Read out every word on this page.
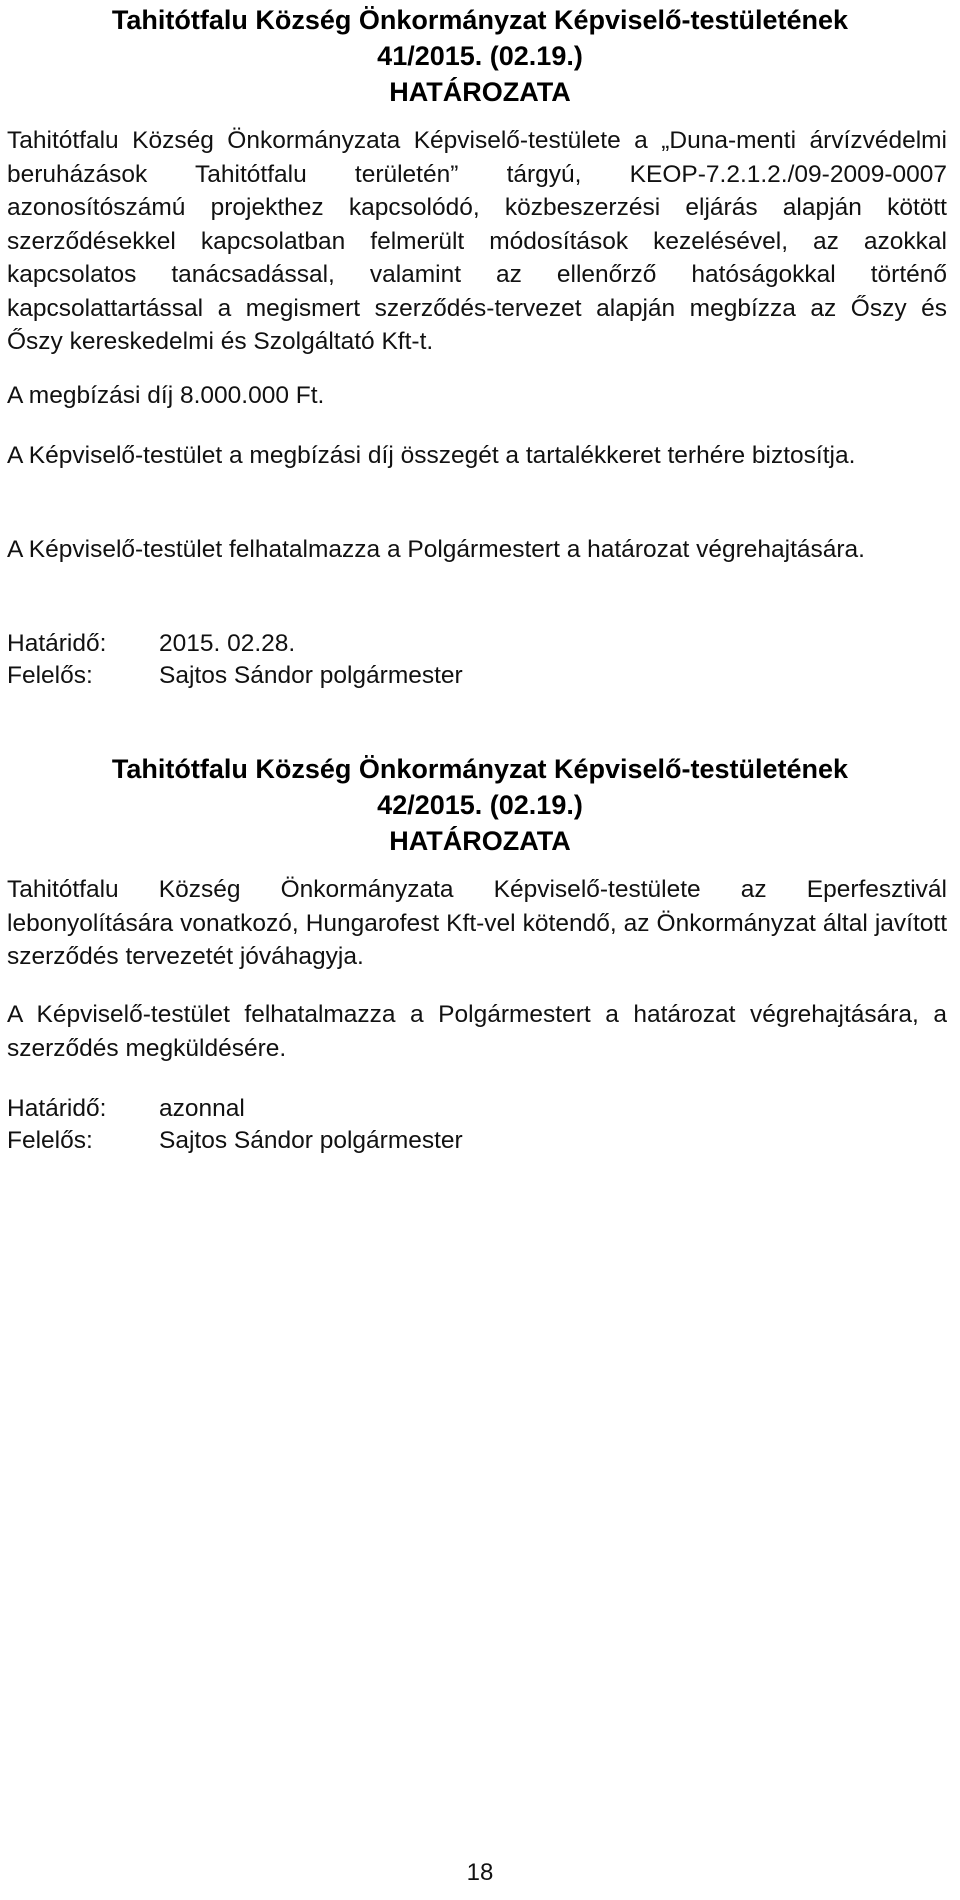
Tahitótfalu Község Önkormányzat Képviselő-testületének
41/2015. (02.19.)
HATÁROZATA

Tahitótfalu Község Önkormányzata Képviselő-testülete a „Duna-menti árvízvédelmi beruházások Tahitótfalu területén” tárgyú, KEOP-7.2.1.2./09-2009-0007 azonosítószámú projekthez kapcsolódó, közbeszerzési eljárás alapján kötött szerződésekkel kapcsolatban felmerült módosítások kezelésével, az azokkal kapcsolatos tanácsadással, valamint az ellenőrző hatóságokkal történő kapcsolattartással a megismert szerződés-tervezet alapján megbízza az Őszy és Őszy kereskedelmi és Szolgáltató Kft-t.

A megbízási díj 8.000.000 Ft.

A Képviselő-testület a megbízási díj összegét a tartalékkeret terhére biztosítja.

A Képviselő-testület felhatalmazza a Polgármestert a határozat végrehajtására.

Határidő: 2015. 02.28.
Felelős:	Sajtos Sándor polgármester
Tahitótfalu Község Önkormányzat Képviselő-testületének
42/2015. (02.19.)
HATÁROZATA

Tahitótfalu Község Önkormányzata Képviselő-testülete az Eperfesztivál lebonyolítására vonatkozó, Hungarofest Kft-vel kötendő, az Önkormányzat által javított szerződés tervezetét jóváhagyja.

A Képviselő-testület felhatalmazza a Polgármestert a határozat végrehajtására, a szerződés megküldésére.

Határidő: azonnal
Felelős:	Sajtos Sándor polgármester
18
